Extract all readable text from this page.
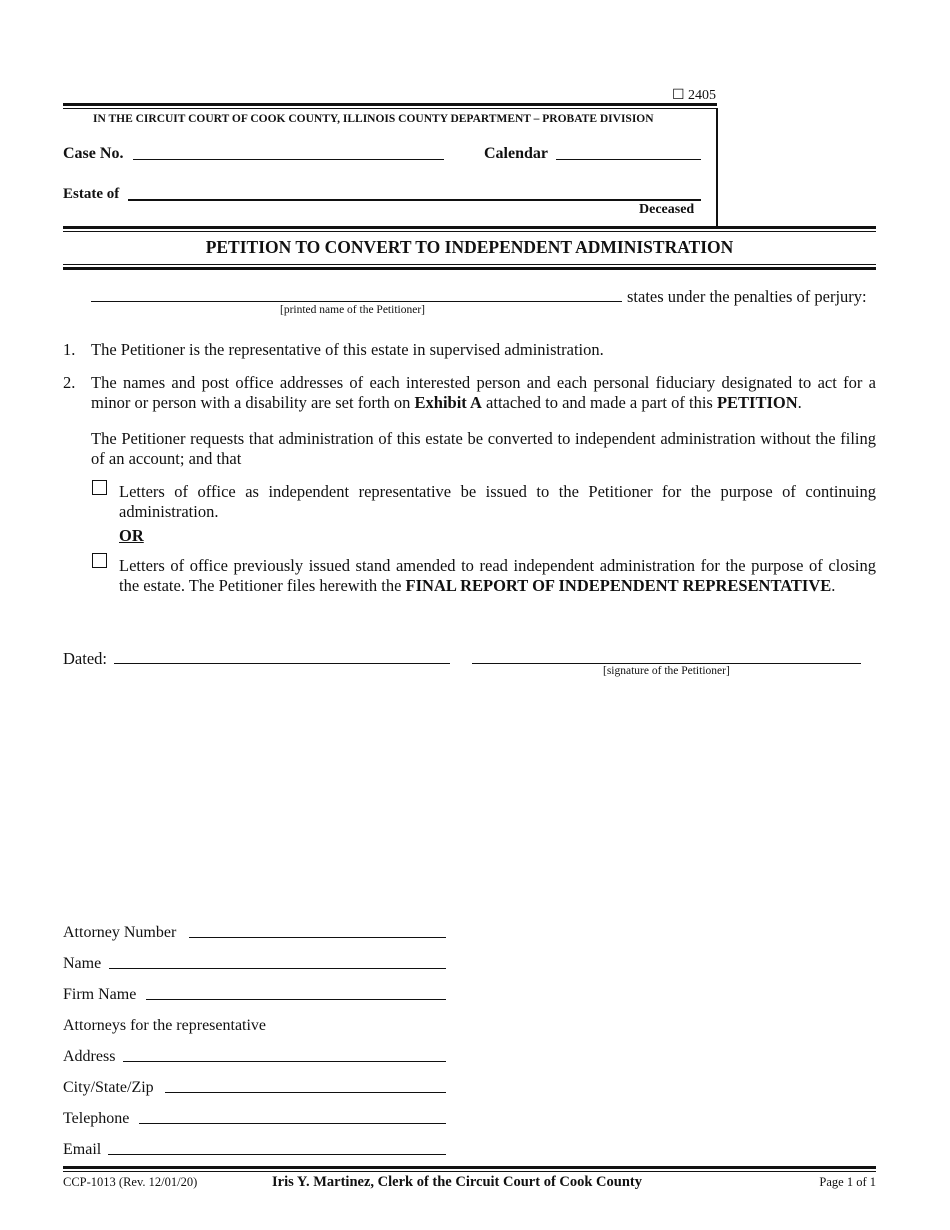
☐ 2405
IN THE CIRCUIT COURT OF COOK COUNTY, ILLINOIS COUNTY DEPARTMENT – PROBATE DIVISION
Case No.	Calendar
Estate of
Deceased
PETITION TO CONVERT TO INDEPENDENT ADMINISTRATION
states under the penalties of perjury:
[printed name of the Petitioner]
1. The Petitioner is the representative of this estate in supervised administration.
2. The names and post office addresses of each interested person and each personal fiduciary designated to act for a minor or person with a disability are set forth on Exhibit A attached to and made a part of this PETITION.
The Petitioner requests that administration of this estate be converted to independent administration without the filing of an account; and that
Letters of office as independent representative be issued to the Petitioner for the purpose of continuing administration.
OR
Letters of office previously issued stand amended to read independent administration for the purpose of closing the estate. The Petitioner files herewith the FINAL REPORT OF INDEPENDENT REPRESENTATIVE.
Dated:
[signature of the Petitioner]
Attorney Number
Name
Firm Name
Attorneys for the representative
Address
City/State/Zip
Telephone
Email
CCP-1013 (Rev. 12/01/20)	Iris Y. Martinez, Clerk of the Circuit Court of Cook County	Page 1 of 1
